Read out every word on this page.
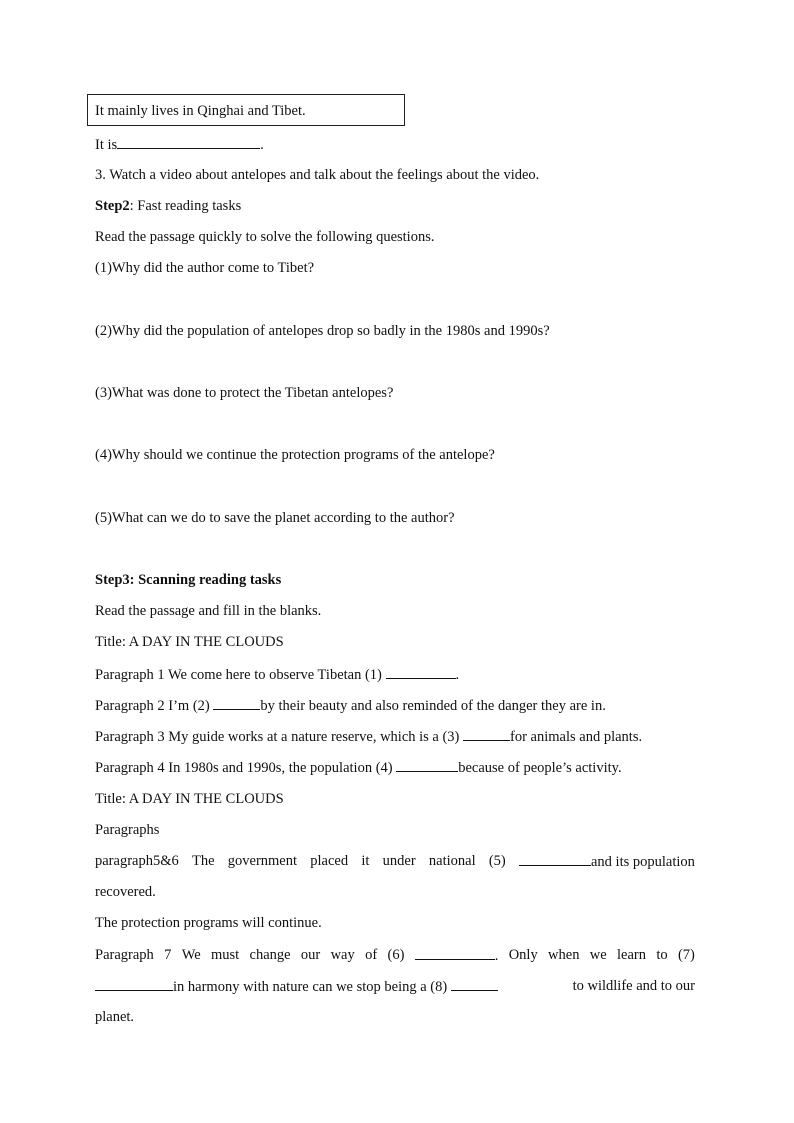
It mainly lives in Qinghai and Tibet.
It is	.
3. Watch a video about antelopes and talk about the feelings about the video.
Step2: Fast reading tasks
Read the passage quickly to solve the following questions.
(1)Why did the author come to Tibet?
(2)Why did the population of antelopes drop so badly in the 1980s and 1990s?
(3)What was done to protect the Tibetan antelopes?
(4)Why should we continue the protection programs of the antelope?
(5)What can we do to save the planet according to the author?
Step3: Scanning reading tasks
Read the passage and fill in the blanks.
Title: A DAY IN THE CLOUDS
Paragraph 1 We come here to observe Tibetan (1)	.
Paragraph 2 I’m (2)	by their beauty and also reminded of the danger they are in.
Paragraph 3 My guide works at a nature reserve, which is a (3)	for animals and plants.
Paragraph 4 In 1980s and 1990s, the population (4)	because of people’s activity.
Title: A DAY IN THE CLOUDS
Paragraphs
paragraph5&6 The government placed it under national (5)	and its population
recovered.
The protection programs will continue.
Paragraph 7 We must change our way of (6)	. Only when we learn to (7)
in harmony with nature can we stop being a (8)	to wildlife and to our
planet.
